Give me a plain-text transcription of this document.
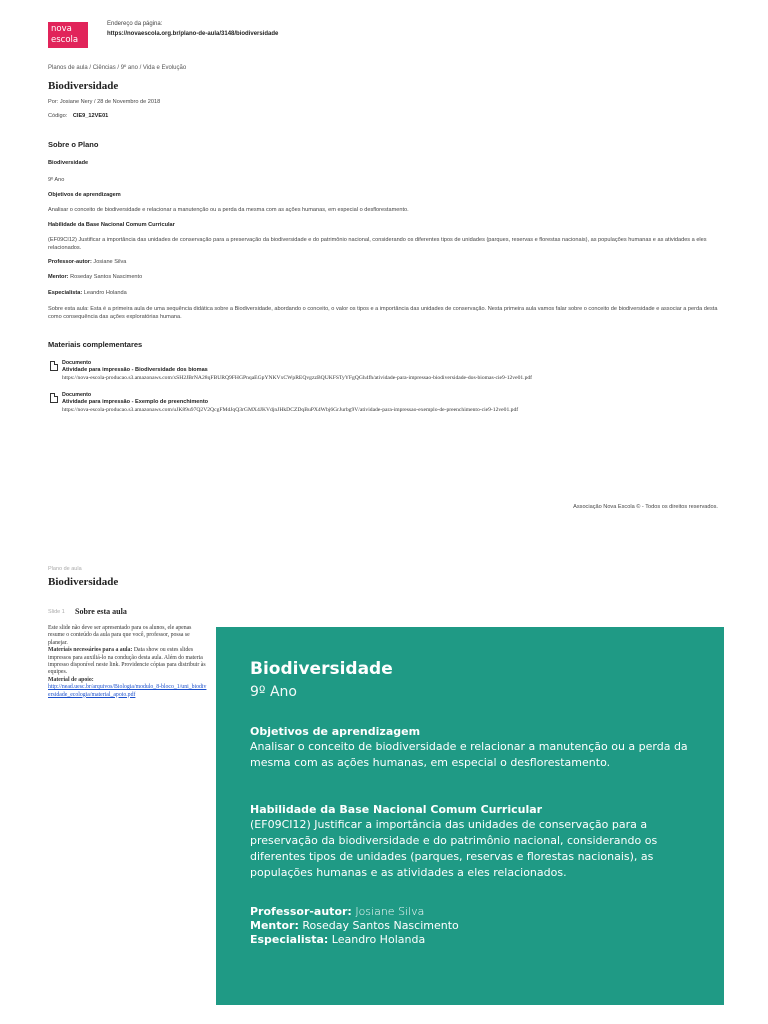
nova
escola
Endereço da página:
https://novaescola.org.br/plano-de-aula/3148/biodiversidade
Planos de aula / Ciências / 9º ano / Vida e Evolução
Biodiversidade
Por: Josiane Nery / 28 de Novembro de 2018
Código: CIE9_12VE01
Sobre o Plano
Biodiversidade
9º Ano
Objetivos de aprendizagem
Analisar o conceito de biodiversidade e relacionar a manutenção ou a perda da mesma com as ações humanas, em especial o desflorestamento.
Habilidade da Base Nacional Comum Curricular
(EF09CI12) Justificar a importância das unidades de conservação para a preservação da biodiversidade e do patrimônio nacional, considerando os diferentes tipos de unidades (parques, reservas e florestas nacionais), as populações humanas e as atividades a eles relacionados.
Professor-autor: Josiane Silva
Mentor: Roseday Santos Nascimento
Especialista: Leandro Holanda
Sobre esta aula: Esta é a primeira aula de uma sequência didática sobre a Biodiversidade, abordando o conceito, o valor os tipos e a importância das unidades de conservação. Nesta primeira aula vamos falar sobre o conceito de biodiversidade e associar a perda desta como consequência das ações exploratórias humana.
Materiais complementares
Documento
Atividade para impressão - Biodiversidade dos biomas
https://nova-escola-producao.s3.amazonaws.com/xSH2JBrNA28qFBURQ9FHGPnqaEGpYNKVxCWpREQvgzzBQUKFSTyYFgQGh4fh/atividade-para-impressao-biodiversidade-dos-biomas-cie9-12ve01.pdf
Documento
Atividade para impressão - Exemplo de preenchimento
https://nova-escola-producao.s3.amazonaws.com/uJK89u97Q2V2QcgFMdJqQ3rGMX4JKVdjnJHkDCZDqBuPX4Wbj6GrJurbg9V/atividade-para-impressao-exemplo-de-preenchimento-cie9-12ve01.pdf
Associação Nova Escola © - Todos os direitos reservados.
Plano de aula
Biodiversidade
Slide 1 Sobre esta aula
Este slide não deve ser apresentado para os alunos, ele apenas resume o conteúdo da aula para que você, professor, possa se planejar.
Materiais necessários para a aula: Data show ou estes slides impressos para auxiliá-lo na condução desta aula. Além do materia impresso disponível neste link. Providencie cópias para distribuir às equipes.
Material de apoio:
http://nead.uesc.br/arquivos/Biologia/modulo_8-bloco_1/uni_biodiversidade_ecologia/material_apoio.pdf
Biodiversidade
9º Ano
Objetivos de aprendizagem
Analisar o conceito de biodiversidade e relacionar a manutenção ou a perda da mesma com as ações humanas, em especial o desflorestamento.
Habilidade da Base Nacional Comum Curricular
(EF09CI12) Justificar a importância das unidades de conservação para a preservação da biodiversidade e do patrimônio nacional, considerando os diferentes tipos de unidades (parques, reservas e florestas nacionais), as populações humanas e as atividades a eles relacionados.
Professor-autor: Josiane Silva
Mentor: Roseday Santos Nascimento
Especialista: Leandro Holanda
